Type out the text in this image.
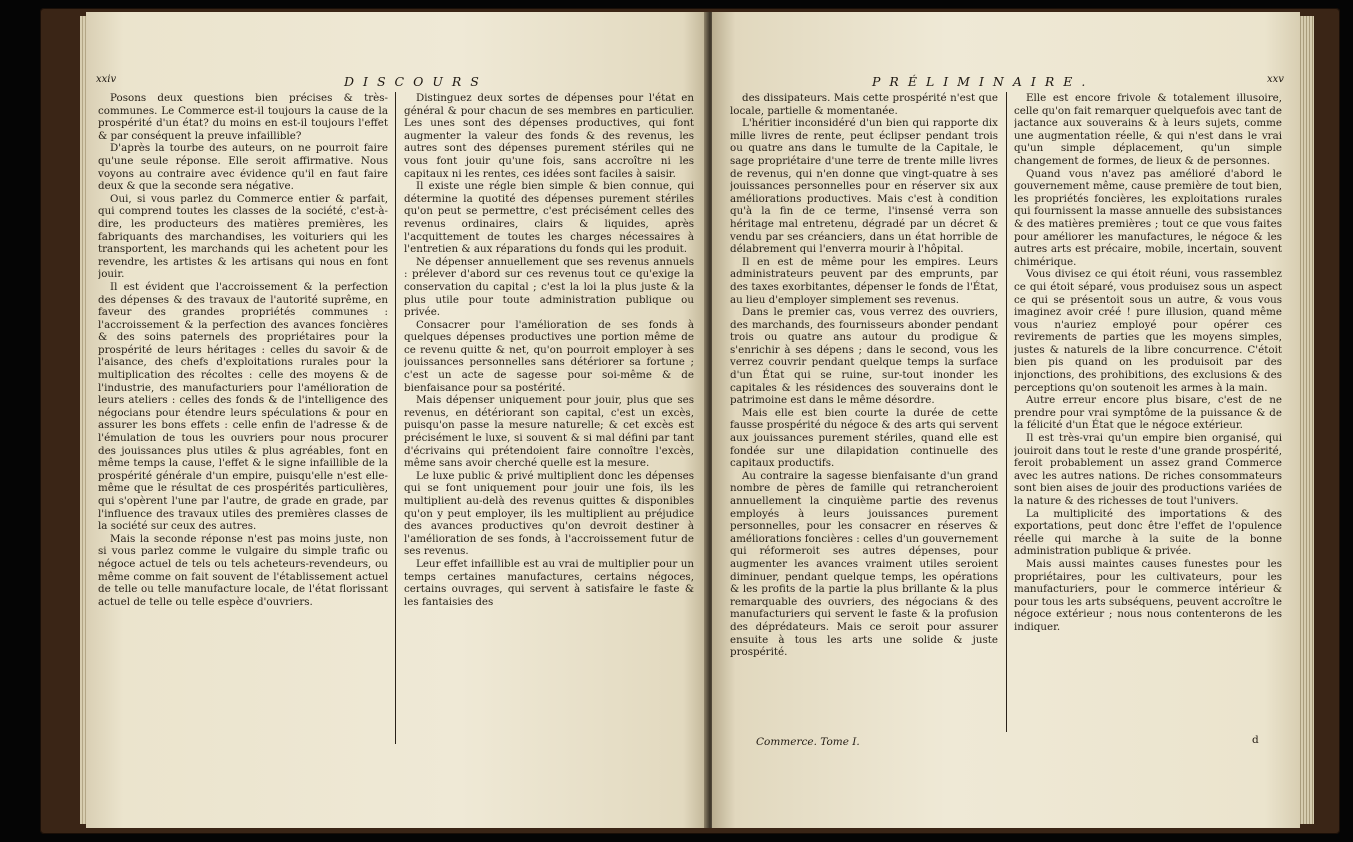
xxiv	DISCOURS

Posons deux questions bien précises & très-communes. Le Commerce est-il toujours la cause de la prospérité d'un état? du moins en est-il toujours l'effet & par conséquent la preuve infaillible?

D'après la tourbe des auteurs, on ne pourroit faire qu'une seule réponse. Elle seroit affirmative. Nous voyons au contraire avec évidence qu'il en faut faire deux & que la seconde sera négative.

Oui, si vous parlez du Commerce entier & parfait, qui comprend toutes les classes de la société, c'est-à-dire, les producteurs des matières premières, les fabriquants des marchandises, les voituriers qui les transportent, les marchands qui les achetent pour les revendre, les artistes & les artisans qui nous en font jouir.

Il est évident que l'accroissement & la perfection des dépenses & des travaux de l'autorité suprême, en faveur des grandes propriétés communes : l'accroissement & la perfection des avances foncières & des soins paternels des propriétaires pour la prospérité de leurs héritages : celles du savoir & de l'aisance, des chefs d'exploitations rurales pour la multiplication des récoltes : celle des moyens & de l'industrie, des manufacturiers pour l'amélioration de leurs ateliers : celles des fonds & de l'intelligence des négocians pour étendre leurs spéculations & pour en assurer les bons effets : celle enfin de l'adresse & de l'émulation de tous les ouvriers pour nous procurer des jouissances plus utiles & plus agréables, font en même temps la cause, l'effet & le signe infaillible de la prospérité générale d'un empire, puisqu'elle n'est elle-même que le résultat de ces prospérités particulières, qui s'opèrent l'une par l'autre, de grade en grade, par l'influence des travaux utiles des premières classes de la société sur ceux des autres.

Mais la seconde réponse n'est pas moins juste, non si vous parlez comme le vulgaire du simple trafic ou négoce actuel de tels ou tels acheteurs-revendeurs, ou même comme on fait souvent de l'établissement actuel de telle ou telle manufacture locale, de l'état florissant actuel de telle ou telle espèce d'ouvriers.

Distinguez deux sortes de dépenses pour l'état en général & pour chacun de ses membres en particulier. Les unes sont des dépenses productives, qui font augmenter la valeur des fonds & des revenus, les autres sont des dépenses purement stériles qui ne vous font jouir qu'une fois, sans accroître ni les capitaux ni les rentes, ces idées sont faciles à saisir.

Il existe une régle bien simple & bien connue, qui détermine la quotité des dépenses purement stériles qu'on peut se permettre, c'est précisément celles des revenus ordinaires, clairs & liquides, après l'acquittement de toutes les charges nécessaires à l'entretien & aux réparations du fonds qui les produit.

Ne dépenser annuellement que ses revenus annuels : prélever d'abord sur ces revenus tout ce qu'exige la conservation du capital ; c'est la loi la plus juste & la plus utile pour toute administration publique ou privée.

Consacrer pour l'amélioration de ses fonds à quelques dépenses productives une portion même de ce revenu quitte & net, qu'on pourroit employer à ses jouissances personnelles sans détériorer sa fortune ; c'est un acte de sagesse pour soi-même & de bienfaisance pour sa postérité.

Mais dépenser uniquement pour jouir, plus que ses revenus, en détériorant son capital, c'est un excès, puisqu'on passe la mesure naturelle; & cet excès est précisément le luxe, si souvent & si mal défini par tant d'écrivains qui prétendoient faire connoître l'excès, même sans avoir cherché quelle est la mesure.

Le luxe public & privé multiplient donc les dépenses qui se font uniquement pour jouir une fois, ils les multiplient au-delà des revenus quittes & disponibles qu'on y peut employer, ils les multiplient au préjudice des avances productives qu'on devroit destiner à l'amélioration de ses fonds, à l'accroissement futur de ses revenus.

Leur effet infaillible est au vrai de multiplier pour un temps certaines manufactures, certains négoces, certains ouvrages, qui servent à satisfaire le faste & les fantaisies des

PRÉLIMINAIRE.	xxv

des dissipateurs. Mais cette prospérité n'est que locale, partielle & momentanée.

L'héritier inconsidéré d'un bien qui rapporte dix mille livres de rente, peut éclipser pendant trois ou quatre ans dans le tumulte de la Capitale, le sage propriétaire d'une terre de trente mille livres de revenus, qui n'en donne que vingt-quatre à ses jouissances personnelles pour en réserver six aux améliorations productives. Mais c'est à condition qu'à la fin de ce terme, l'insensé verra son héritage mal entretenu, dégradé par un décret & vendu par ses créanciers, dans un état horrible de délabrement qui l'enverra mourir à l'hôpital.

Il en est de même pour les empires. Leurs administrateurs peuvent par des emprunts, par des taxes exorbitantes, dépenser le fonds de l'État, au lieu d'employer simplement ses revenus.

Dans le premier cas, vous verrez des ouvriers, des marchands, des fournisseurs abonder pendant trois ou quatre ans autour du prodigue & s'enrichir à ses dépens ; dans le second, vous les verrez couvrir pendant quelque temps la surface d'un État qui se ruine, sur-tout inonder les capitales & les résidences des souverains dont le patrimoine est dans le même désordre.

Mais elle est bien courte la durée de cette fausse prospérité du négoce & des arts qui servent aux jouissances purement stériles, quand elle est fondée sur une dilapidation continuelle des capitaux productifs.

Au contraire la sagesse bienfaisante d'un grand nombre de pères de famille qui retrancheroient annuellement la cinquième partie des revenus employés à leurs jouissances purement personnelles, pour les consacrer en réserves & améliorations foncières : celles d'un gouvernement qui réformeroit ses autres dépenses, pour augmenter les avances vraiment utiles seroient diminuer, pendant quelque temps, les opérations & les profits de la partie la plus brillante & la plus remarquable des ouvriers, des négocians & des manufacturiers qui servent le faste & la profusion des déprédateurs. Mais ce seroit pour assurer ensuite à tous les arts une solide & juste prospérité.

Elle est encore frivole & totalement illusoire, celle qu'on fait remarquer quelquefois avec tant de jactance aux souverains & à leurs sujets, comme une augmentation réelle, & qui n'est dans le vrai qu'un simple déplacement, qu'un simple changement de formes, de lieux & de personnes.

Quand vous n'avez pas amélioré d'abord le gouvernement même, cause première de tout bien, les propriétés foncières, les exploitations rurales qui fournissent la masse annuelle des subsistances & des matières premières ; tout ce que vous faites pour améliorer les manufactures, le négoce & les autres arts est précaire, mobile, incertain, souvent chimérique.

Vous divisez ce qui étoit réuni, vous rassemblez ce qui étoit séparé, vous produisez sous un aspect ce qui se présentoit sous un autre, & vous vous imaginez avoir créé ! pure illusion, quand même vous n'auriez employé pour opérer ces revirements de parties que les moyens simples, justes & naturels de la libre concurrence. C'étoit bien pis quand on les produisoit par des injonctions, des prohibitions, des exclusions & des perceptions qu'on soutenoit les armes à la main.

Autre erreur encore plus bisare, c'est de ne prendre pour vrai symptôme de la puissance & de la félicité d'un État que le négoce extérieur.

Il est très-vrai qu'un empire bien organisé, qui jouiroit dans tout le reste d'une grande prospérité, feroit probablement un assez grand Commerce avec les autres nations. De riches consommateurs sont bien aises de jouir des productions variées de la nature & des richesses de tout l'univers.

La multiplicité des importations & des exportations, peut donc être l'effet de l'opulence réelle qui marche à la suite de la bonne administration publique & privée.

Mais aussi maintes causes funestes pour les propriétaires, pour les cultivateurs, pour les manufacturiers, pour le commerce intérieur & pour tous les arts subséquens, peuvent accroître le négoce extérieur ; nous nous contenterons de les indiquer.

Commerce. Tome I.	d
